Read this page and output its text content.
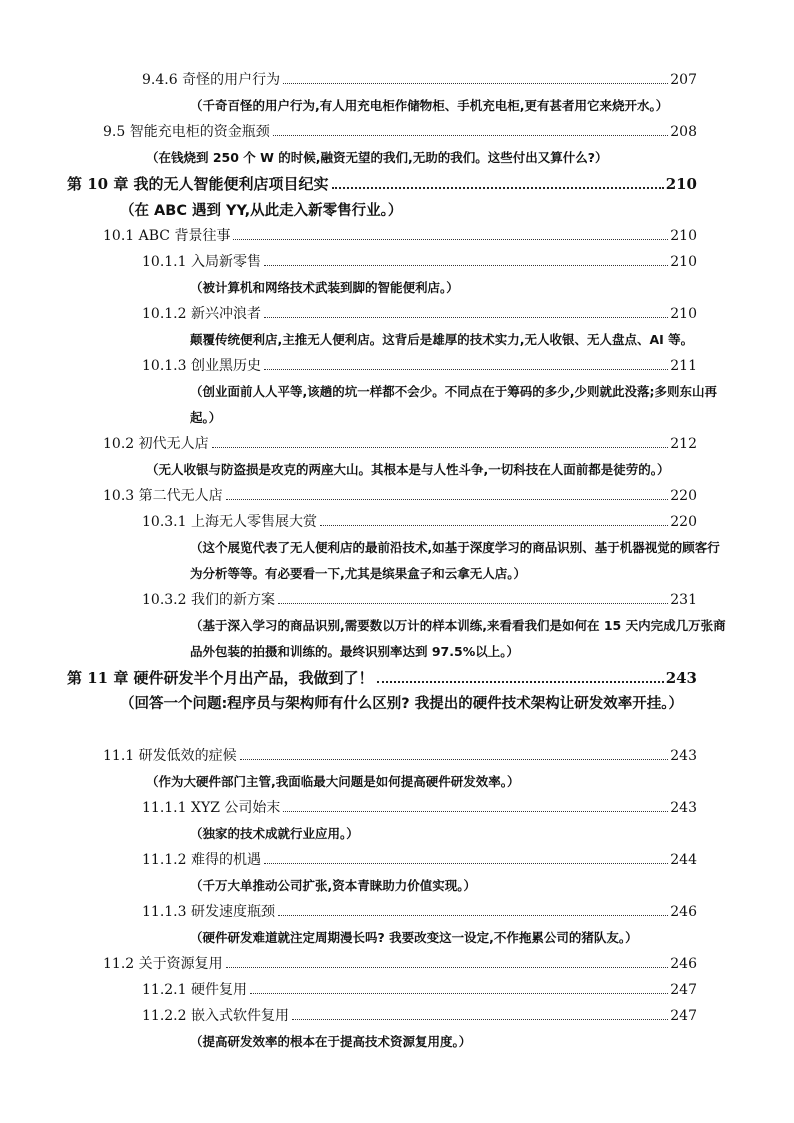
9.4.6 奇怪的用户行为	207
（千奇百怪的用户行为,有人用充电柜作储物柜、手机充电柜,更有甚者用它来烧开水。）
9.5 智能充电柜的资金瓶颈	208
（在钱烧到 250 个 W 的时候,融资无望的我们,无助的我们。这些付出又算什么?）
第 10 章 我的无人智能便利店项目纪实	210
（在 ABC 遇到 YY,从此走入新零售行业。）
10.1 ABC 背景往事	210
10.1.1 入局新零售	210
（被计算机和网络技术武装到脚的智能便利店。）
10.1.2 新兴冲浪者	210
颠覆传统便利店,主推无人便利店。这背后是雄厚的技术实力,无人收银、无人盘点、AI 等。
10.1.3 创业黑历史	211
（创业面前人人平等,该趟的坑一样都不会少。不同点在于筹码的多少,少则就此没落;多则东山再起。）
10.2 初代无人店	212
（无人收银与防盗损是攻克的两座大山。其根本是与人性斗争,一切科技在人面前都是徒劳的。）
10.3 第二代无人店	220
10.3.1 上海无人零售展大赏	220
（这个展览代表了无人便利店的最前沿技术,如基于深度学习的商品识别、基于机器视觉的顾客行为分析等等。有必要看一下,尤其是缤果盒子和云拿无人店。）
10.3.2 我们的新方案	231
（基于深入学习的商品识别,需要数以万计的样本训练,来看看我们是如何在 15 天内完成几万张商品外包装的拍摄和训练的。最终识别率达到 97.5%以上。）
第 11 章 硬件研发半个月出产品，我做到了！	243
（回答一个问题:程序员与架构师有什么区别? 我提出的硬件技术架构让研发效率开挂。）
11.1 研发低效的症候	243
（作为大硬件部门主管,我面临最大问题是如何提高硬件研发效率。）
11.1.1 XYZ 公司始末	243
（独家的技术成就行业应用。）
11.1.2 难得的机遇	244
（千万大单推动公司扩张,资本青睐助力价值实现。）
11.1.3 研发速度瓶颈	246
（硬件研发难道就注定周期漫长吗? 我要改变这一设定,不作拖累公司的猪队友。）
11.2 关于资源复用	246
11.2.1 硬件复用	247
11.2.2 嵌入式软件复用	247
（提高研发效率的根本在于提高技术资源复用度。）
